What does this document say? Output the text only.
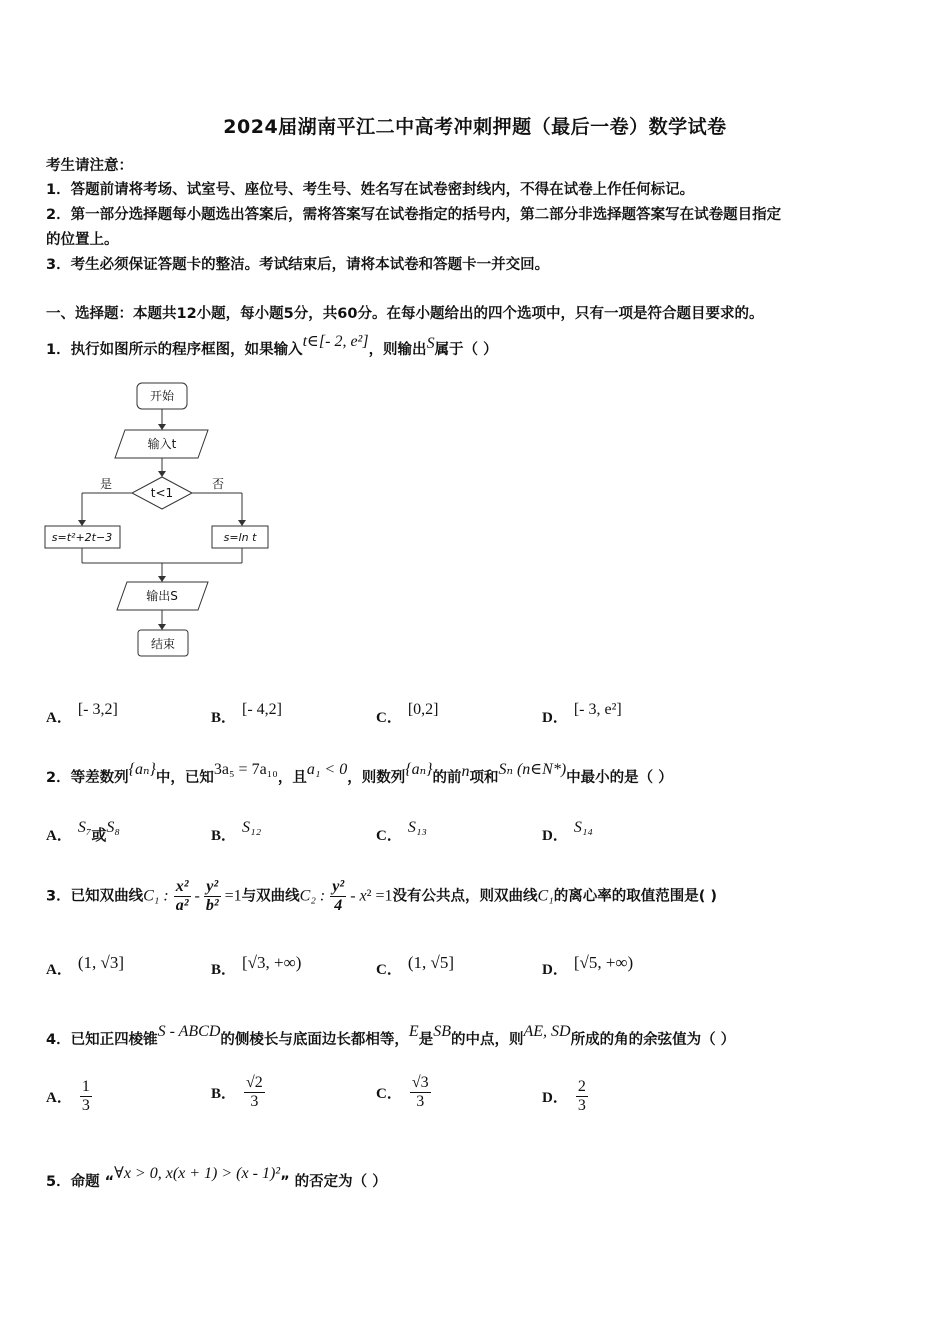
2024届湖南平江二中高考冲刺押题（最后一卷）数学试卷
考生请注意：
1．答题前请将考场、试室号、座位号、考生号、姓名写在试卷密封线内，不得在试卷上作任何标记。
2．第一部分选择题每小题选出答案后，需将答案写在试卷指定的括号内，第二部分非选择题答案写在试卷题目指定
的位置上。
3．考生必须保证答题卡的整洁。考试结束后，请将本试卷和答题卡一并交回。
一、选择题：本题共12小题，每小题5分，共60分。在每小题给出的四个选项中，只有一项是符合题目要求的。
1．执行如图所示的程序框图，如果输入t∈[- 2, e²]，则输出S属于（ ）
开始
输入t
t<1
是	否
s=t²+2t−3	s=ln t
输出S
结束
A． [- 3,2]	B． [- 4,2]	C． [0,2]	D． [- 3, e²]
2．等差数列{aₙ}中，已知3a₅ = 7a₁₀，且a₁ < 0，则数列{aₙ}的前n项和Sₙ (n∈N*)中最小的是（ ）
A． S₇或S₈	B． S₁₂	C． S₁₃	D． S₁₄
3．已知双曲线C₁ : $\frac{\text{x²}}{\text{a²}} - \frac{\text{y²}}{\text{b²}} =1$与双曲线C₂ : $\frac{\text{y²}}{4} - x^2 =1$没有公共点，则双曲线C₁的离心率的取值范围是( )
A． (1, √3]	B． [√3, +∞)	C． (1, √5]	D． [√5, +∞)
4．已知正四棱锥S - ABCD的侧棱长与底面边长都相等，E是SB的中点，则AE, SD所成的角的余弦值为（ ）
A． $\frac{1}{3}$	B． $\frac{√2}{3}$	C． $\frac{√3}{3}$	D． $\frac{2}{3}$
5．命题 “∀x > 0, x(x + 1) > (x - 1)²” 的否定为（ ）
